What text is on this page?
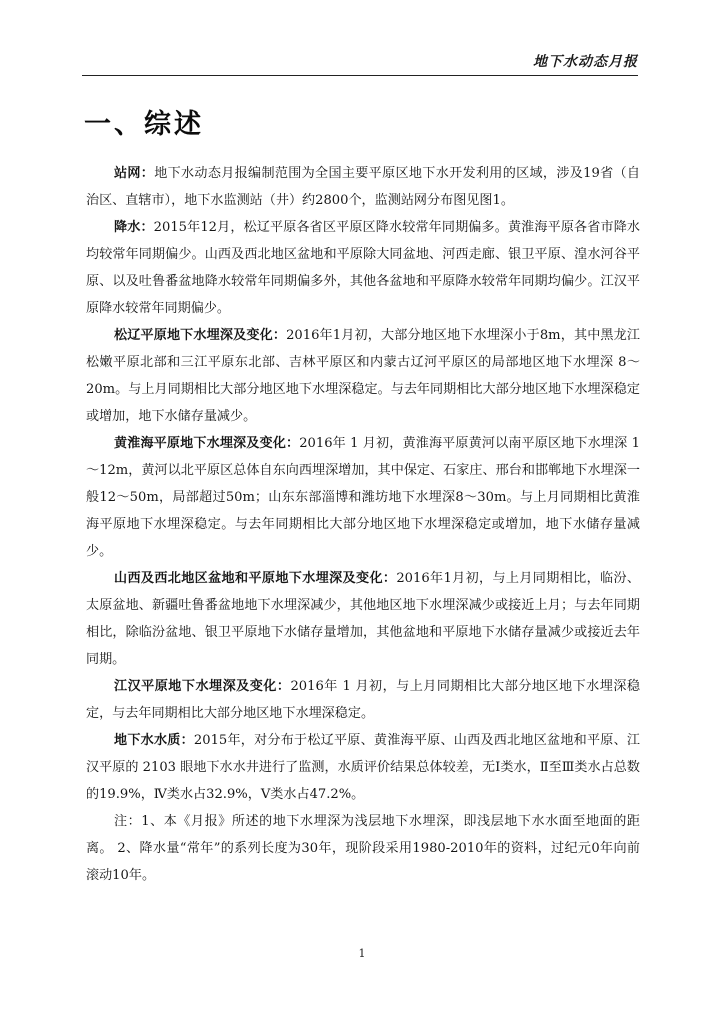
地下水动态月报
一、综述

站网：地下水动态月报编制范围为全国主要平原区地下水开发利用的区域，涉及19省（自治区、直辖市），地下水监测站（井）约2800个，监测站网分布图见图1。

降水：2015年12月，松辽平原各省区平原区降水较常年同期偏多。黄淮海平原各省市降水均较常年同期偏少。山西及西北地区盆地和平原除大同盆地、河西走廊、银卫平原、湟水河谷平原、以及吐鲁番盆地降水较常年同期偏多外，其他各盆地和平原降水较常年同期均偏少。江汉平原降水较常年同期偏少。

松辽平原地下水埋深及变化：2016年1月初，大部分地区地下水埋深小于8m，其中黑龙江松嫩平原北部和三江平原东北部、吉林平原区和内蒙古辽河平原区的局部地区地下水埋深 8～20m。与上月同期相比大部分地区地下水埋深稳定。与去年同期相比大部分地区地下水埋深稳定或增加，地下水储存量减少。

黄淮海平原地下水埋深及变化：2016年 1 月初，黄淮海平原黄河以南平原区地下水埋深 1～12m，黄河以北平原区总体自东向西埋深增加，其中保定、石家庄、邢台和邯郸地下水埋深一般12～50m，局部超过50m；山东东部淄博和潍坊地下水埋深8～30m。与上月同期相比黄淮海平原地下水埋深稳定。与去年同期相比大部分地区地下水埋深稳定或增加，地下水储存量减少。

山西及西北地区盆地和平原地下水埋深及变化：2016年1月初，与上月同期相比，临汾、太原盆地、新疆吐鲁番盆地地下水埋深减少，其他地区地下水埋深减少或接近上月；与去年同期相比，除临汾盆地、银卫平原地下水储存量增加，其他盆地和平原地下水储存量减少或接近去年同期。

江汉平原地下水埋深及变化：2016年 1 月初，与上月同期相比大部分地区地下水埋深稳定，与去年同期相比大部分地区地下水埋深稳定。

地下水水质：2015年，对分布于松辽平原、黄淮海平原、山西及西北地区盆地和平原、江汉平原的 2103 眼地下水水井进行了监测，水质评价结果总体较差，无Ⅰ类水，Ⅱ至Ⅲ类水占总数的19.9%，Ⅳ类水占32.9%，Ⅴ类水占47.2%。

注：1、本《月报》所述的地下水埋深为浅层地下水埋深，即浅层地下水水面至地面的距离。 2、降水量“常年”的系列长度为30年，现阶段采用1980-2010年的资料，过纪元0年向前滚动10年。

1
